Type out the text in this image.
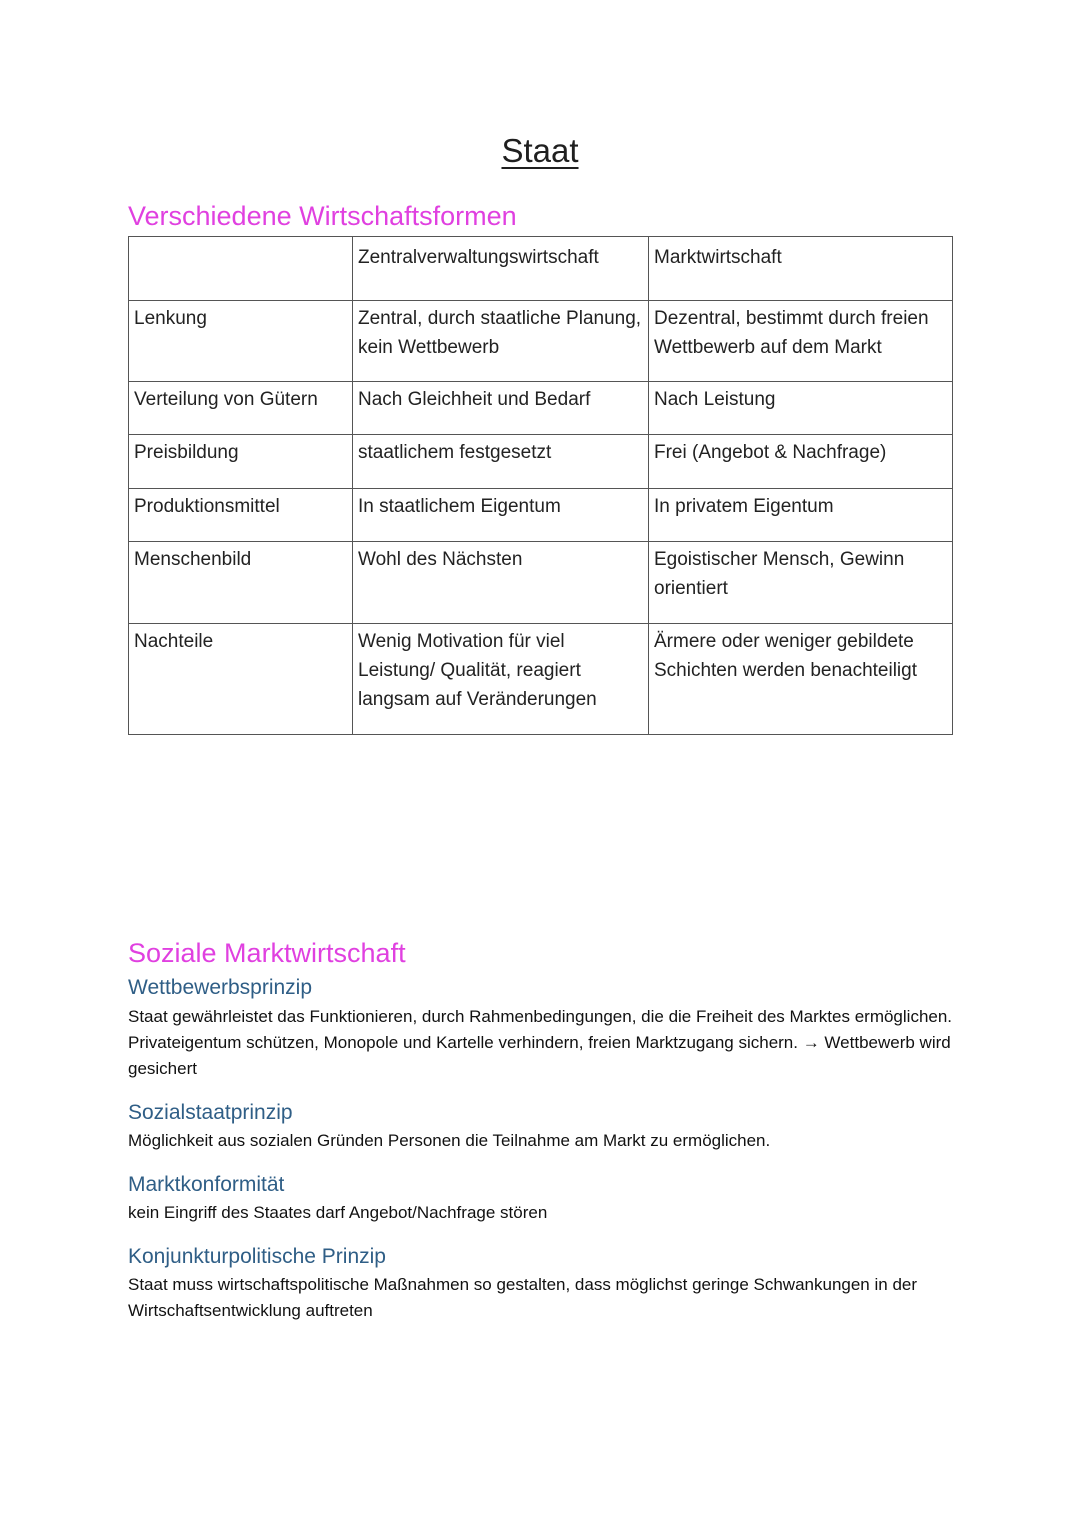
Staat
Verschiedene Wirtschaftsformen
	Zentralverwaltungswirtschaft	Marktwirtschaft
Lenkung	Zentral, durch staatliche Planung, kein Wettbewerb	Dezentral, bestimmt durch freien Wettbewerb auf dem Markt
Verteilung von Gütern	Nach Gleichheit und Bedarf	Nach Leistung
Preisbildung	staatlichem festgesetzt	Frei (Angebot & Nachfrage)
Produktionsmittel	In staatlichem Eigentum	In privatem Eigentum
Menschenbild	Wohl des Nächsten	Egoistischer Mensch, Gewinn orientiert
Nachteile	Wenig Motivation für viel Leistung/ Qualität, reagiert langsam auf Veränderungen	Ärmere oder weniger gebildete Schichten werden benachteiligt
Soziale Marktwirtschaft
Wettbewerbsprinzip
Staat gewährleistet das Funktionieren, durch Rahmenbedingungen, die die Freiheit des Marktes ermöglichen. Privateigentum schützen, Monopole und Kartelle verhindern, freien Marktzugang sichern. → Wettbewerb wird gesichert
Sozialstaatprinzip
Möglichkeit aus sozialen Gründen Personen die Teilnahme am Markt zu ermöglichen.
Marktkonformität
kein Eingriff des Staates darf Angebot/Nachfrage stören
Konjunkturpolitische Prinzip
Staat muss wirtschaftspolitische Maßnahmen so gestalten, dass möglichst geringe Schwankungen in der Wirtschaftsentwicklung auftreten
